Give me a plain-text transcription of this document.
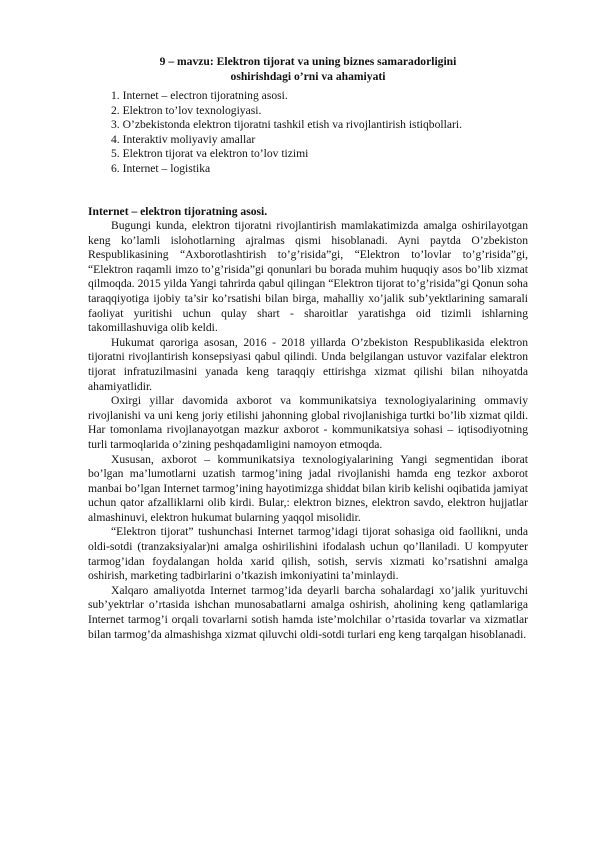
9 – mavzu: Elektron tijorat va uning biznes samaradorligini
oshirishdagi o’rni va ahamiyati
1. Internet – electron tijoratning asosi.
2. Elektron to’lov texnologiyasi.
3. O’zbekistonda elektron tijoratni tashkil etish va rivojlantirish istiqbollari.
4. Interaktiv moliyaviy amallar
5. Elektron tijorat va elektron to’lov tizimi
6. Internet – logistika
Internet – elektron tijoratning asosi.

Bugungi kunda, elektron tijoratni rivojlantirish mamlakatimizda amalga oshirilayotgan keng ko’lamli islohotlarning ajralmas qismi hisoblanadi. Ayni paytda O’zbekiston Respublikasining “Axborotlashtirish to’g’risida”gi, “Elektron to’lovlar to’g’risida”gi, “Elektron raqamli imzo to’g’risida”gi qonunlari bu borada muhim huquqiy asos bo’lib xizmat qilmoqda. 2015 yilda Yangi tahrirda qabul qilingan “Elektron tijorat to’g’risida”gi Qonun soha taraqqiyotiga ijobiy ta’sir ko’rsatishi bilan birga, mahalliy xo’jalik sub’yektlarining samarali faoliyat yuritishi uchun qulay shart - sharoitlar yaratishga oid tizimli ishlarning takomillashuviga olib keldi.

Hukumat qaroriga asosan, 2016 - 2018 yillarda O’zbekiston Respublikasida elektron tijoratni rivojlantirish konsepsiyasi qabul qilindi. Unda belgilangan ustuvor vazifalar elektron tijorat infratuzilmasini yanada keng taraqqiy ettirishga xizmat qilishi bilan nihoyatda ahamiyatlidir.

Oxirgi yillar davomida axborot va kommunikatsiya texnologiyalarining ommaviy rivojlanishi va uni keng joriy etilishi jahonning global rivojlanishiga turtki bo’lib xizmat qildi. Har tomonlama rivojlanayotgan mazkur axborot - kommunikatsiya sohasi – iqtisodiyotning turli tarmoqlarida o’zining peshqadamligini namoyon etmoqda.

Xususan, axborot – kommunikatsiya texnologiyalarining Yangi segmentidan iborat bo’lgan ma’lumotlarni uzatish tarmog’ining jadal rivojlanishi hamda eng tezkor axborot manbai bo’lgan Internet tarmog’ining hayotimizga shiddat bilan kirib kelishi oqibatida jamiyat uchun qator afzalliklarni olib kirdi. Bular,: elektron biznes, elektron savdo, elektron hujjatlar almashinuvi, elektron hukumat bularning yaqqol misolidir.

“Elektron tijorat” tushunchasi Internet tarmog’idagi tijorat sohasiga oid faollikni, unda oldi-sotdi (tranzaksiyalar)ni amalga oshirilishini ifodalash uchun qo’llaniladi. U kompyuter tarmog’idan foydalangan holda xarid qilish, sotish, servis xizmati ko’rsatishni amalga oshirish, marketing tadbirlarini o’tkazish imkoniyatini ta’minlaydi.

Xalqaro amaliyotda Internet tarmog’ida deyarli barcha sohalardagi xo’jalik yurituvchi sub’yektrlar o’rtasida ishchan munosabatlarni amalga oshirish, aholining keng qatlamlariga Internet tarmog’i orqali tovarlarni sotish hamda iste’molchilar o’rtasida tovarlar va xizmatlar bilan tarmog’da almashishga xizmat qiluvchi oldi-sotdi turlari eng keng tarqalgan hisoblanadi.
